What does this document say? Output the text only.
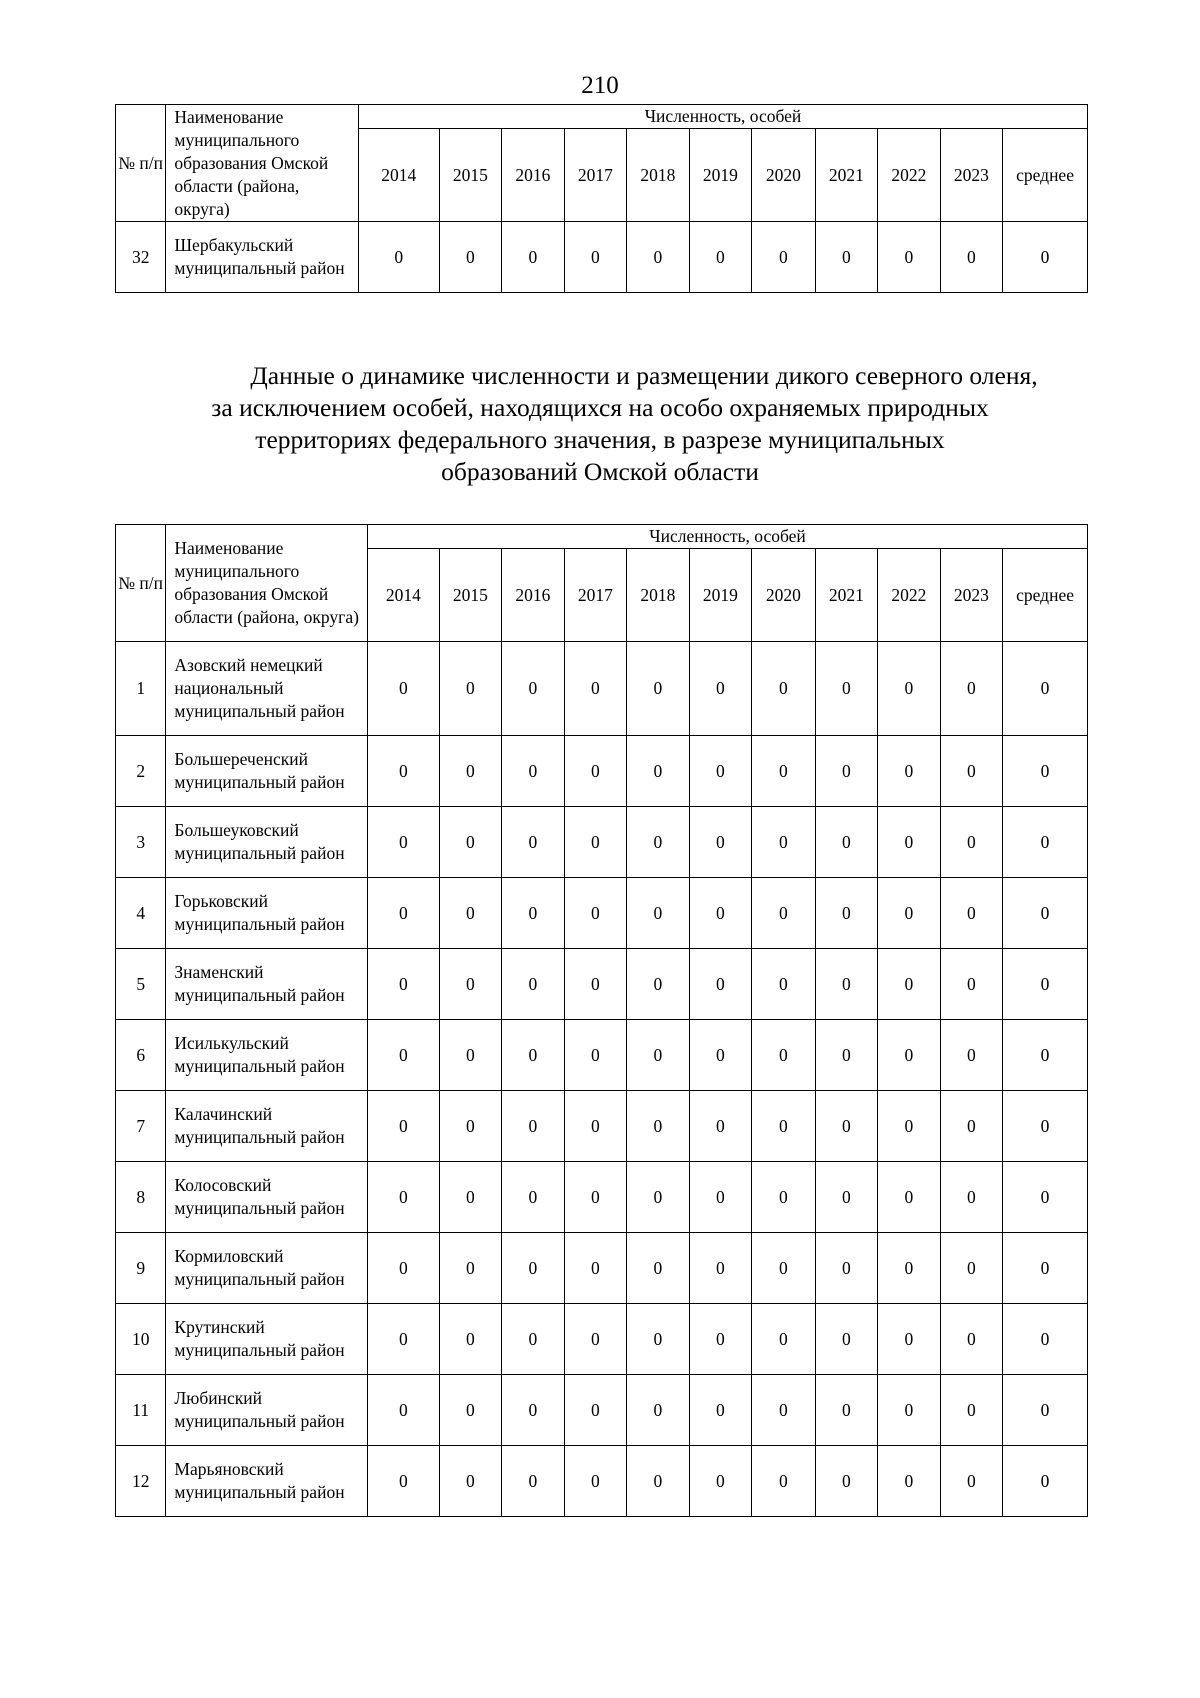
210
№ п/п	Наименование муниципального образования Омской области (района, округа)	Численность, особей										
		2014	2015	2016	2017	2018	2019	2020	2021	2022	2023	среднее
32	Шербакульский муниципальный район	0	0	0	0	0	0	0	0	0	0	0
Данные о динамике численности и размещении дикого северного оленя,
за исключением особей, находящихся на особо охраняемых природных
территориях федерального значения, в разрезе муниципальных
образований Омской области
№ п/п	Наименование муниципального образования Омской области (района, округа)	Численность, особей										
		2014	2015	2016	2017	2018	2019	2020	2021	2022	2023	среднее
1	Азовский немецкий национальный муниципальный район	0	0	0	0	0	0	0	0	0	0	0
2	Большереченский муниципальный район	0	0	0	0	0	0	0	0	0	0	0
3	Большеуковский муниципальный район	0	0	0	0	0	0	0	0	0	0	0
4	Горьковский муниципальный район	0	0	0	0	0	0	0	0	0	0	0
5	Знаменский муниципальный район	0	0	0	0	0	0	0	0	0	0	0
6	Исилькульский муниципальный район	0	0	0	0	0	0	0	0	0	0	0
7	Калачинский муниципальный район	0	0	0	0	0	0	0	0	0	0	0
8	Колосовский муниципальный район	0	0	0	0	0	0	0	0	0	0	0
9	Кормиловский муниципальный район	0	0	0	0	0	0	0	0	0	0	0
10	Крутинский муниципальный район	0	0	0	0	0	0	0	0	0	0	0
11	Любинский муниципальный район	0	0	0	0	0	0	0	0	0	0	0
12	Марьяновский муниципальный район	0	0	0	0	0	0	0	0	0	0	0
